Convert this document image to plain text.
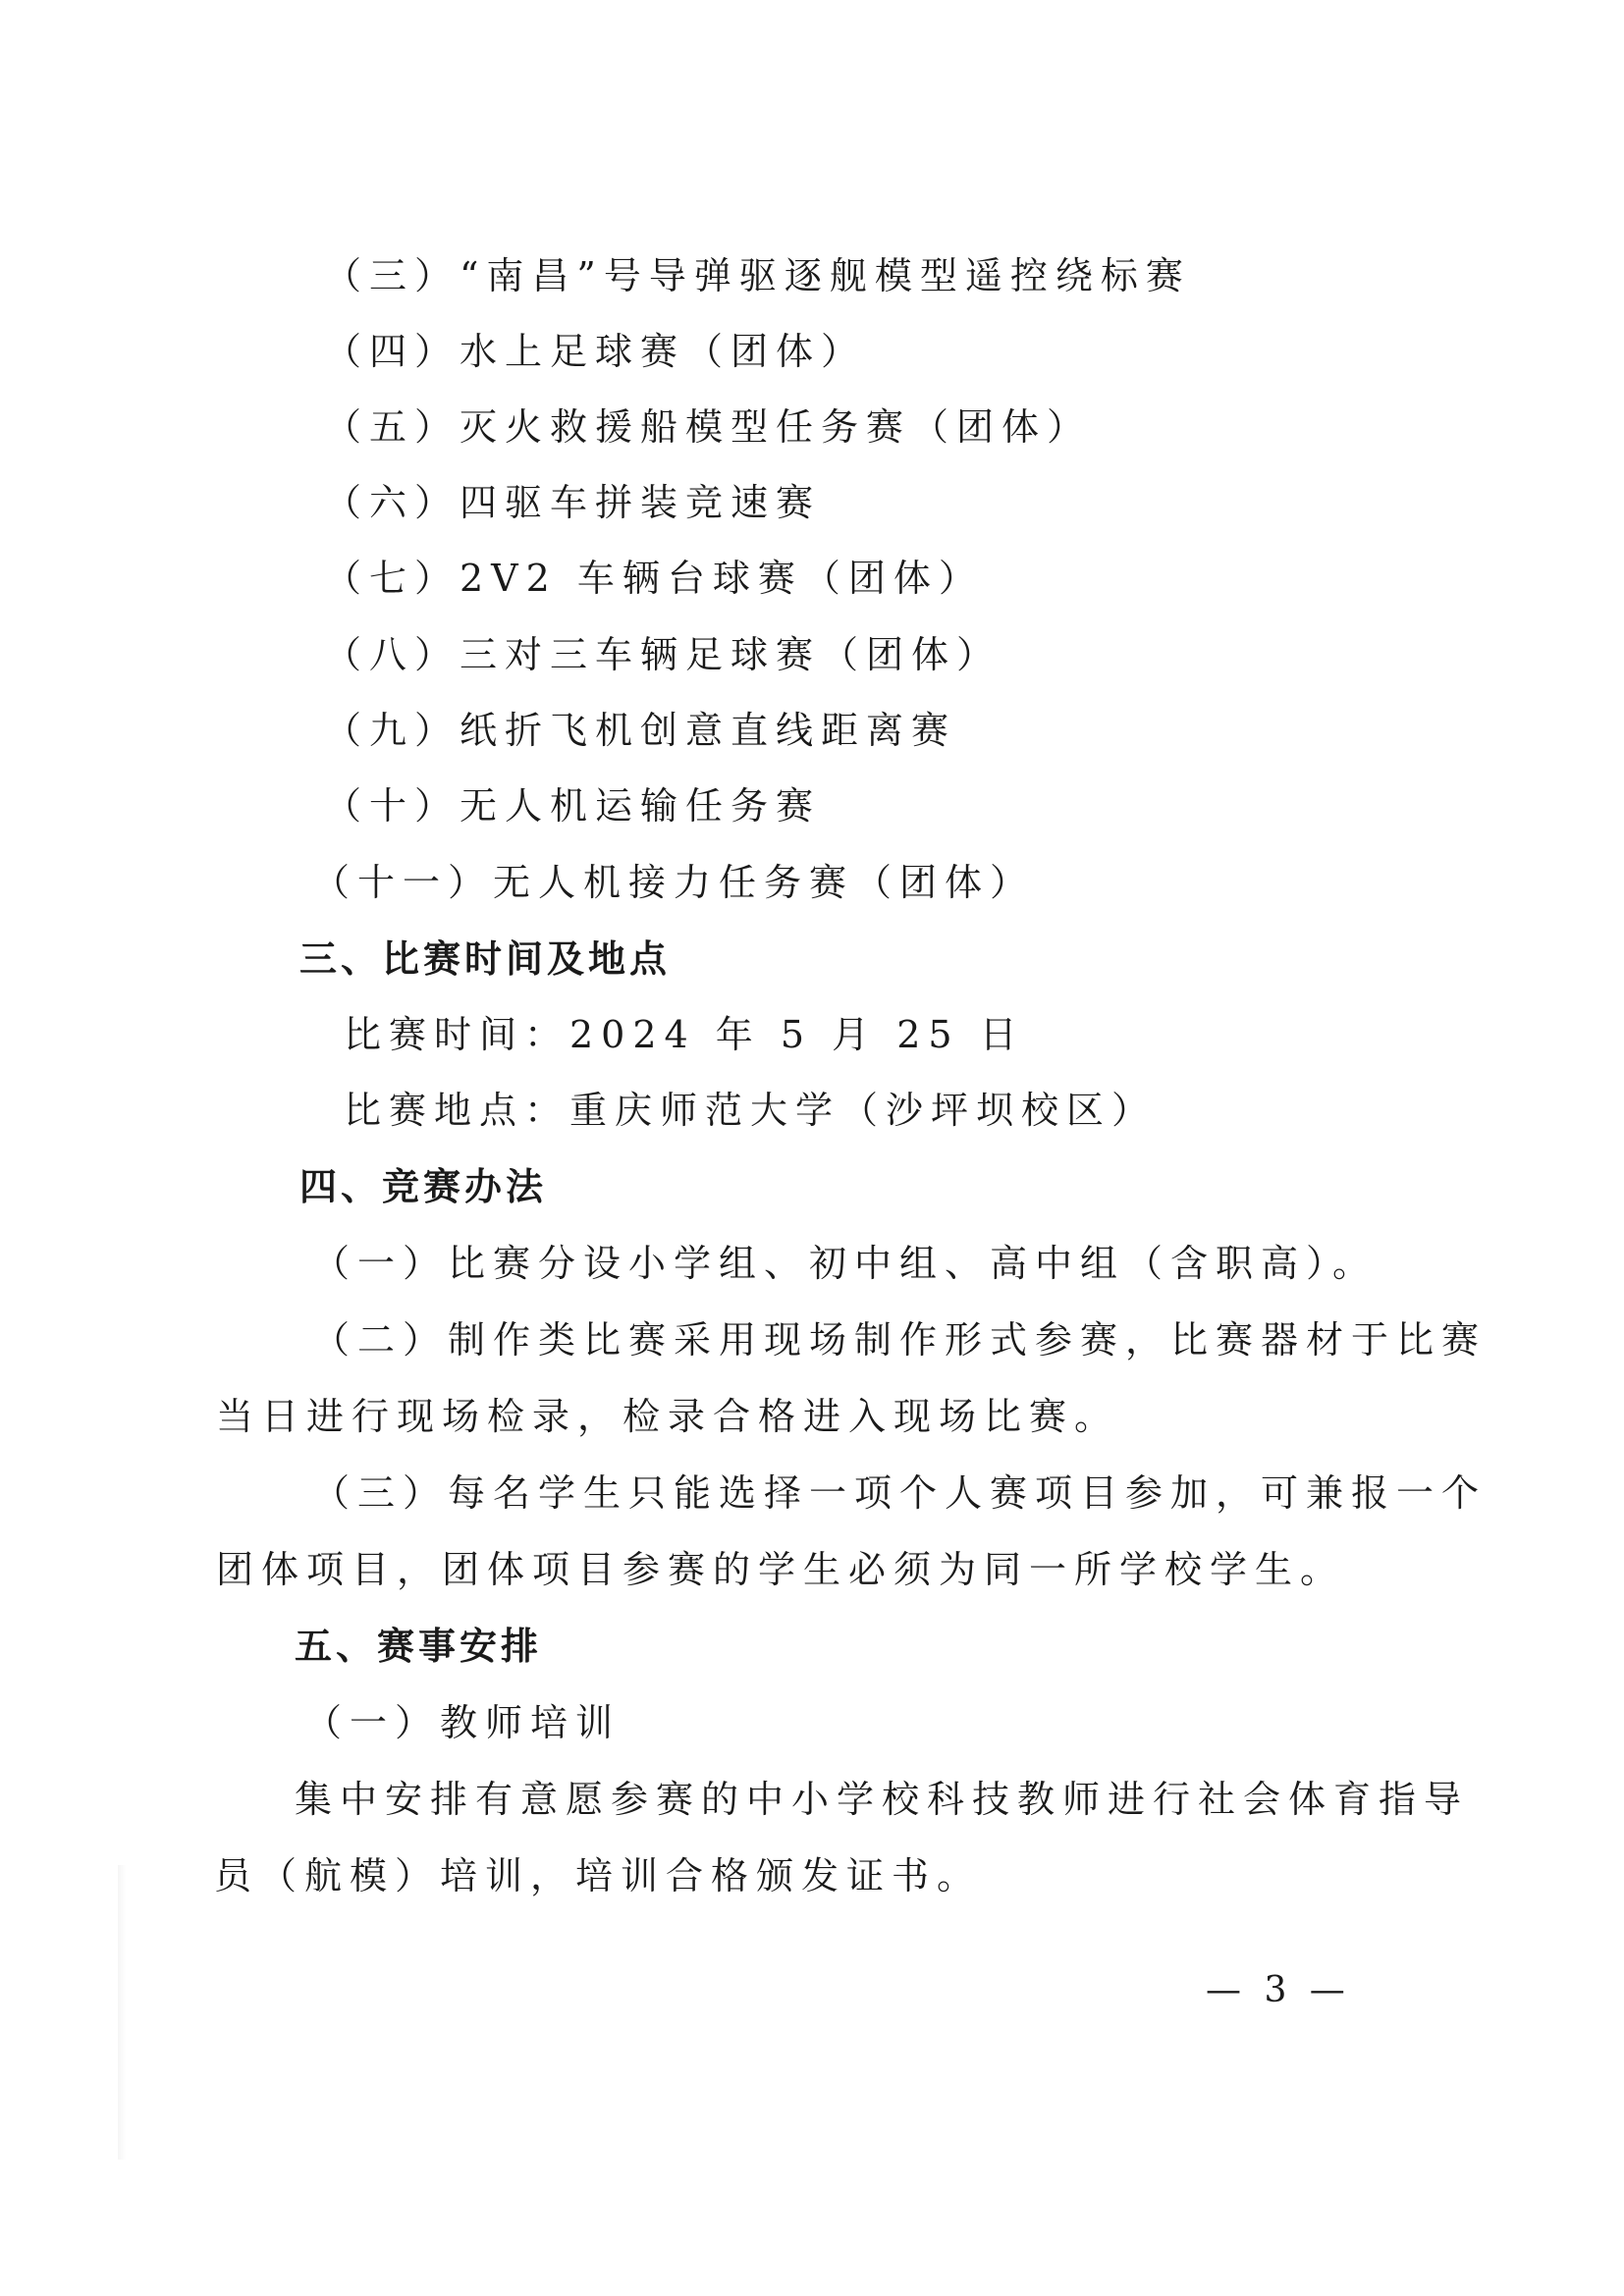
（三）“南昌”号导弹驱逐舰模型遥控绕标赛
（四）水上足球赛（团体）
（五）灭火救援船模型任务赛（团体）
（六）四驱车拼装竞速赛
（七）2V2 车辆台球赛（团体）
（八）三对三车辆足球赛（团体）
（九）纸折飞机创意直线距离赛
（十）无人机运输任务赛
（十一）无人机接力任务赛（团体）
三、比赛时间及地点
比赛时间：2024 年 5 月 25 日
比赛地点：重庆师范大学（沙坪坝校区）
四、竞赛办法
（一）比赛分设小学组、初中组、高中组（含职高）。
（二）制作类比赛采用现场制作形式参赛，比赛器材于比赛
当日进行现场检录，检录合格进入现场比赛。
（三）每名学生只能选择一项个人赛项目参加，可兼报一个
团体项目，团体项目参赛的学生必须为同一所学校学生。
五、赛事安排
（一）教师培训
集中安排有意愿参赛的中小学校科技教师进行社会体育指导
员（航模）培训，培训合格颁发证书。
— 3 —
